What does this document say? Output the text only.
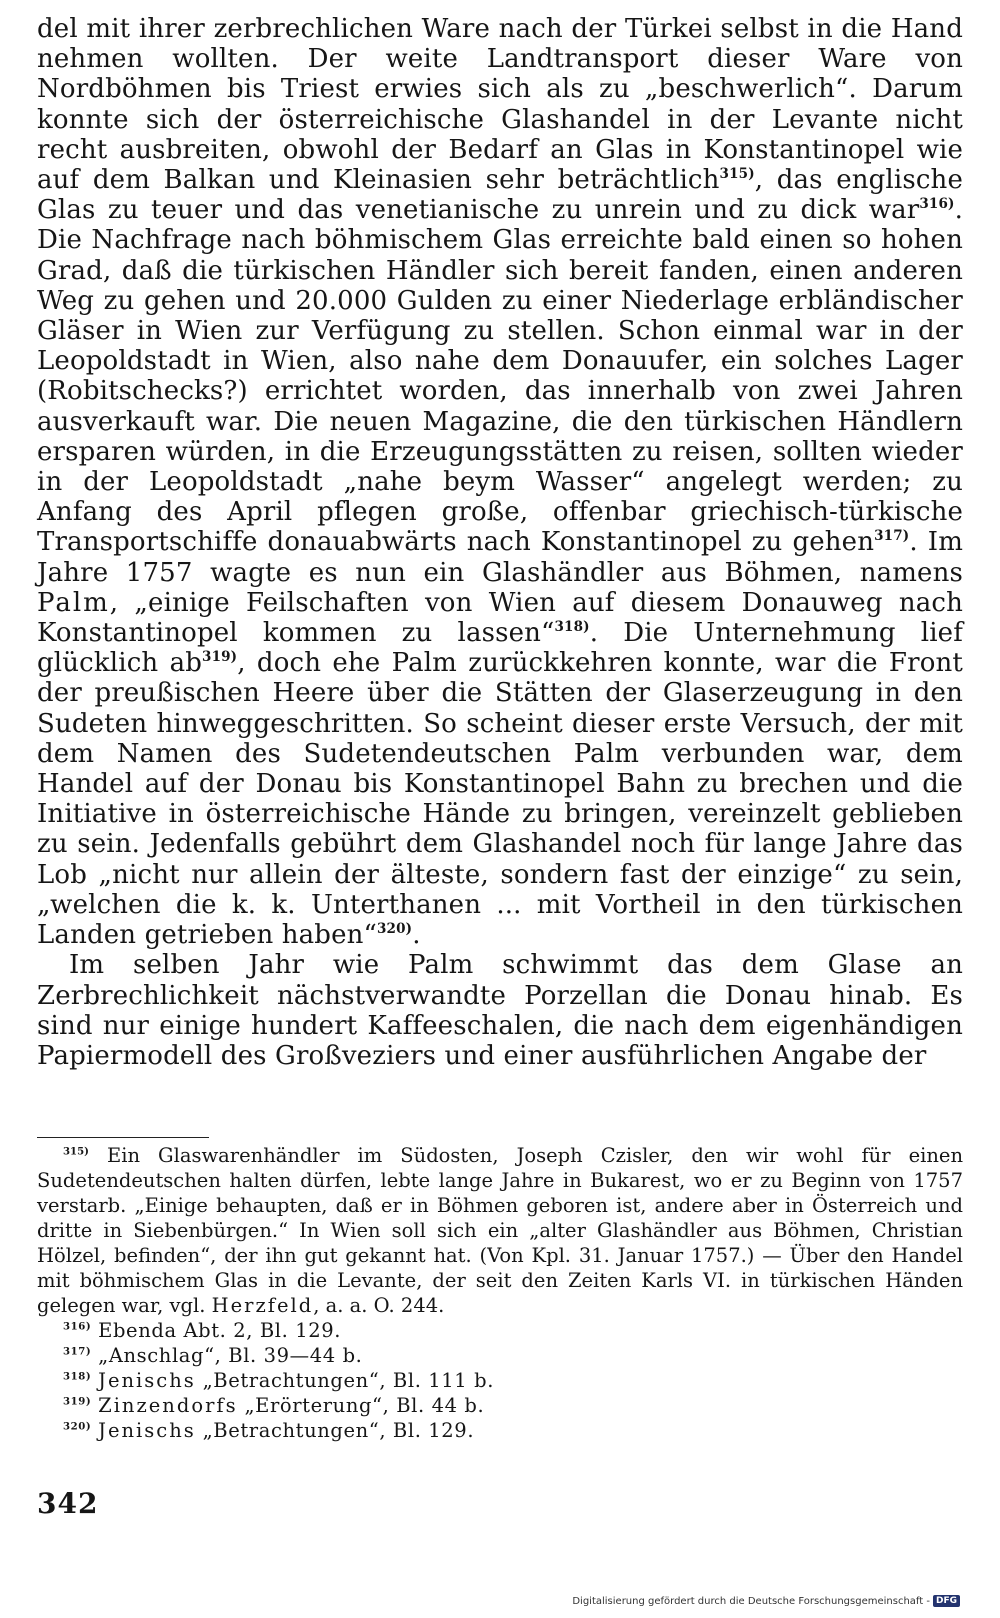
del mit ihrer zerbrechlichen Ware nach der Türkei selbst in die Hand nehmen wollten. Der weite Landtransport dieser Ware von Nordböhmen bis Triest erwies sich als zu „beschwerlich“. Darum konnte sich der österreichische Glashandel in der Levante nicht recht ausbreiten, obwohl der Bedarf an Glas in Konstantinopel wie auf dem Balkan und Kleinasien sehr beträchtlich$^{315)}$, das englische Glas zu teuer und das venetianische zu unrein und zu dick war$^{316)}$. Die Nachfrage nach böhmischem Glas erreichte bald einen so hohen Grad, daß die türkischen Händler sich bereit fanden, einen anderen Weg zu gehen und 20.000 Gulden zu einer Niederlage erbländischer Gläser in Wien zur Verfügung zu stellen. Schon einmal war in der Leopoldstadt in Wien, also nahe dem Donauufer, ein solches Lager (Robitschecks?) errichtet worden, das innerhalb von zwei Jahren ausverkauft war. Die neuen Magazine, die den türkischen Händlern ersparen würden, in die Erzeugungsstätten zu reisen, sollten wieder in der Leopoldstadt „nahe beym Wasser“ angelegt werden; zu Anfang des April pflegen große, offenbar griechisch-türkische Transportschiffe donauabwärts nach Konstantinopel zu gehen$^{317)}$. Im Jahre 1757 wagte es nun ein Glashändler aus Böhmen, namens Palm, „einige Feilschaften von Wien auf diesem Donauweg nach Konstantinopel kommen zu lassen“$^{318)}$. Die Unternehmung lief glücklich $ab^{319)}$, doch ehe Palm zurückkehren konnte, war die Front der preußischen Heere über die Stätten der Glaserzeugung in den Sudeten hinweggeschritten. So scheint dieser erste Versuch, der mit dem Namen des Sudetendeutschen Palm verbunden war, dem Handel auf der Donau bis Konstantinopel Bahn zu brechen und die Initiative in österreichische Hände zu bringen, vereinzelt geblieben zu sein. Jedenfalls gebührt dem Glashandel noch für lange Jahre das Lob „nicht nur allein der älteste, sondern fast der einzige“ zu sein, „welchen die k. k. Unterthanen ... mit Vortheil in den türkischen Landen getrieben haben“$^{320)}$.

Im selben Jahr wie Palm schwimmt das dem Glase an Zerbrechlichkeit nächstverwandte Porzellan die Donau hinab. Es sind nur einige hundert Kaffeeschalen, die nach dem eigenhändigen Papiermodell des Großveziers und einer ausführlichen Angabe der

$^{315)}$ Ein Glaswarenhändler im Südosten, Joseph Czisler, den wir wohl für einen Sudetendeutschen halten dürfen, lebte lange Jahre in Bukarest, wo er zu Beginn von 1757 verstarb. „Einige behaupten, daß er in Böhmen geboren ist, andere aber in Österreich und dritte in Siebenbürgen.“ In Wien soll sich ein „alter Glashändler aus Böhmen, Christian Hölzel, befinden“, der ihn gut gekannt hat. (Von Kpl. 31. Januar 1757.) — Über den Handel mit böhmischem Glas in die Levante, der seit den Zeiten Karls VI. in türkischen Händen gelegen war, vgl. Herzfeld, a. a. O. 244.

$^{316)}$ Ebenda Abt. 2, Bl. 129.

$^{317)}$ „Anschlag“, Bl. 39—44 b.

$^{318)}$ Jenischs „Betrachtungen“, Bl. 111 b.

$^{319)}$ Zinzendorfs „Erörterung“, Bl. 44 b.

$^{320)}$ Jenischs „Betrachtungen“, Bl. 129.

342
Digitalisierung gefördert durch die Deutsche Forschungsgemeinschaft - DFG
